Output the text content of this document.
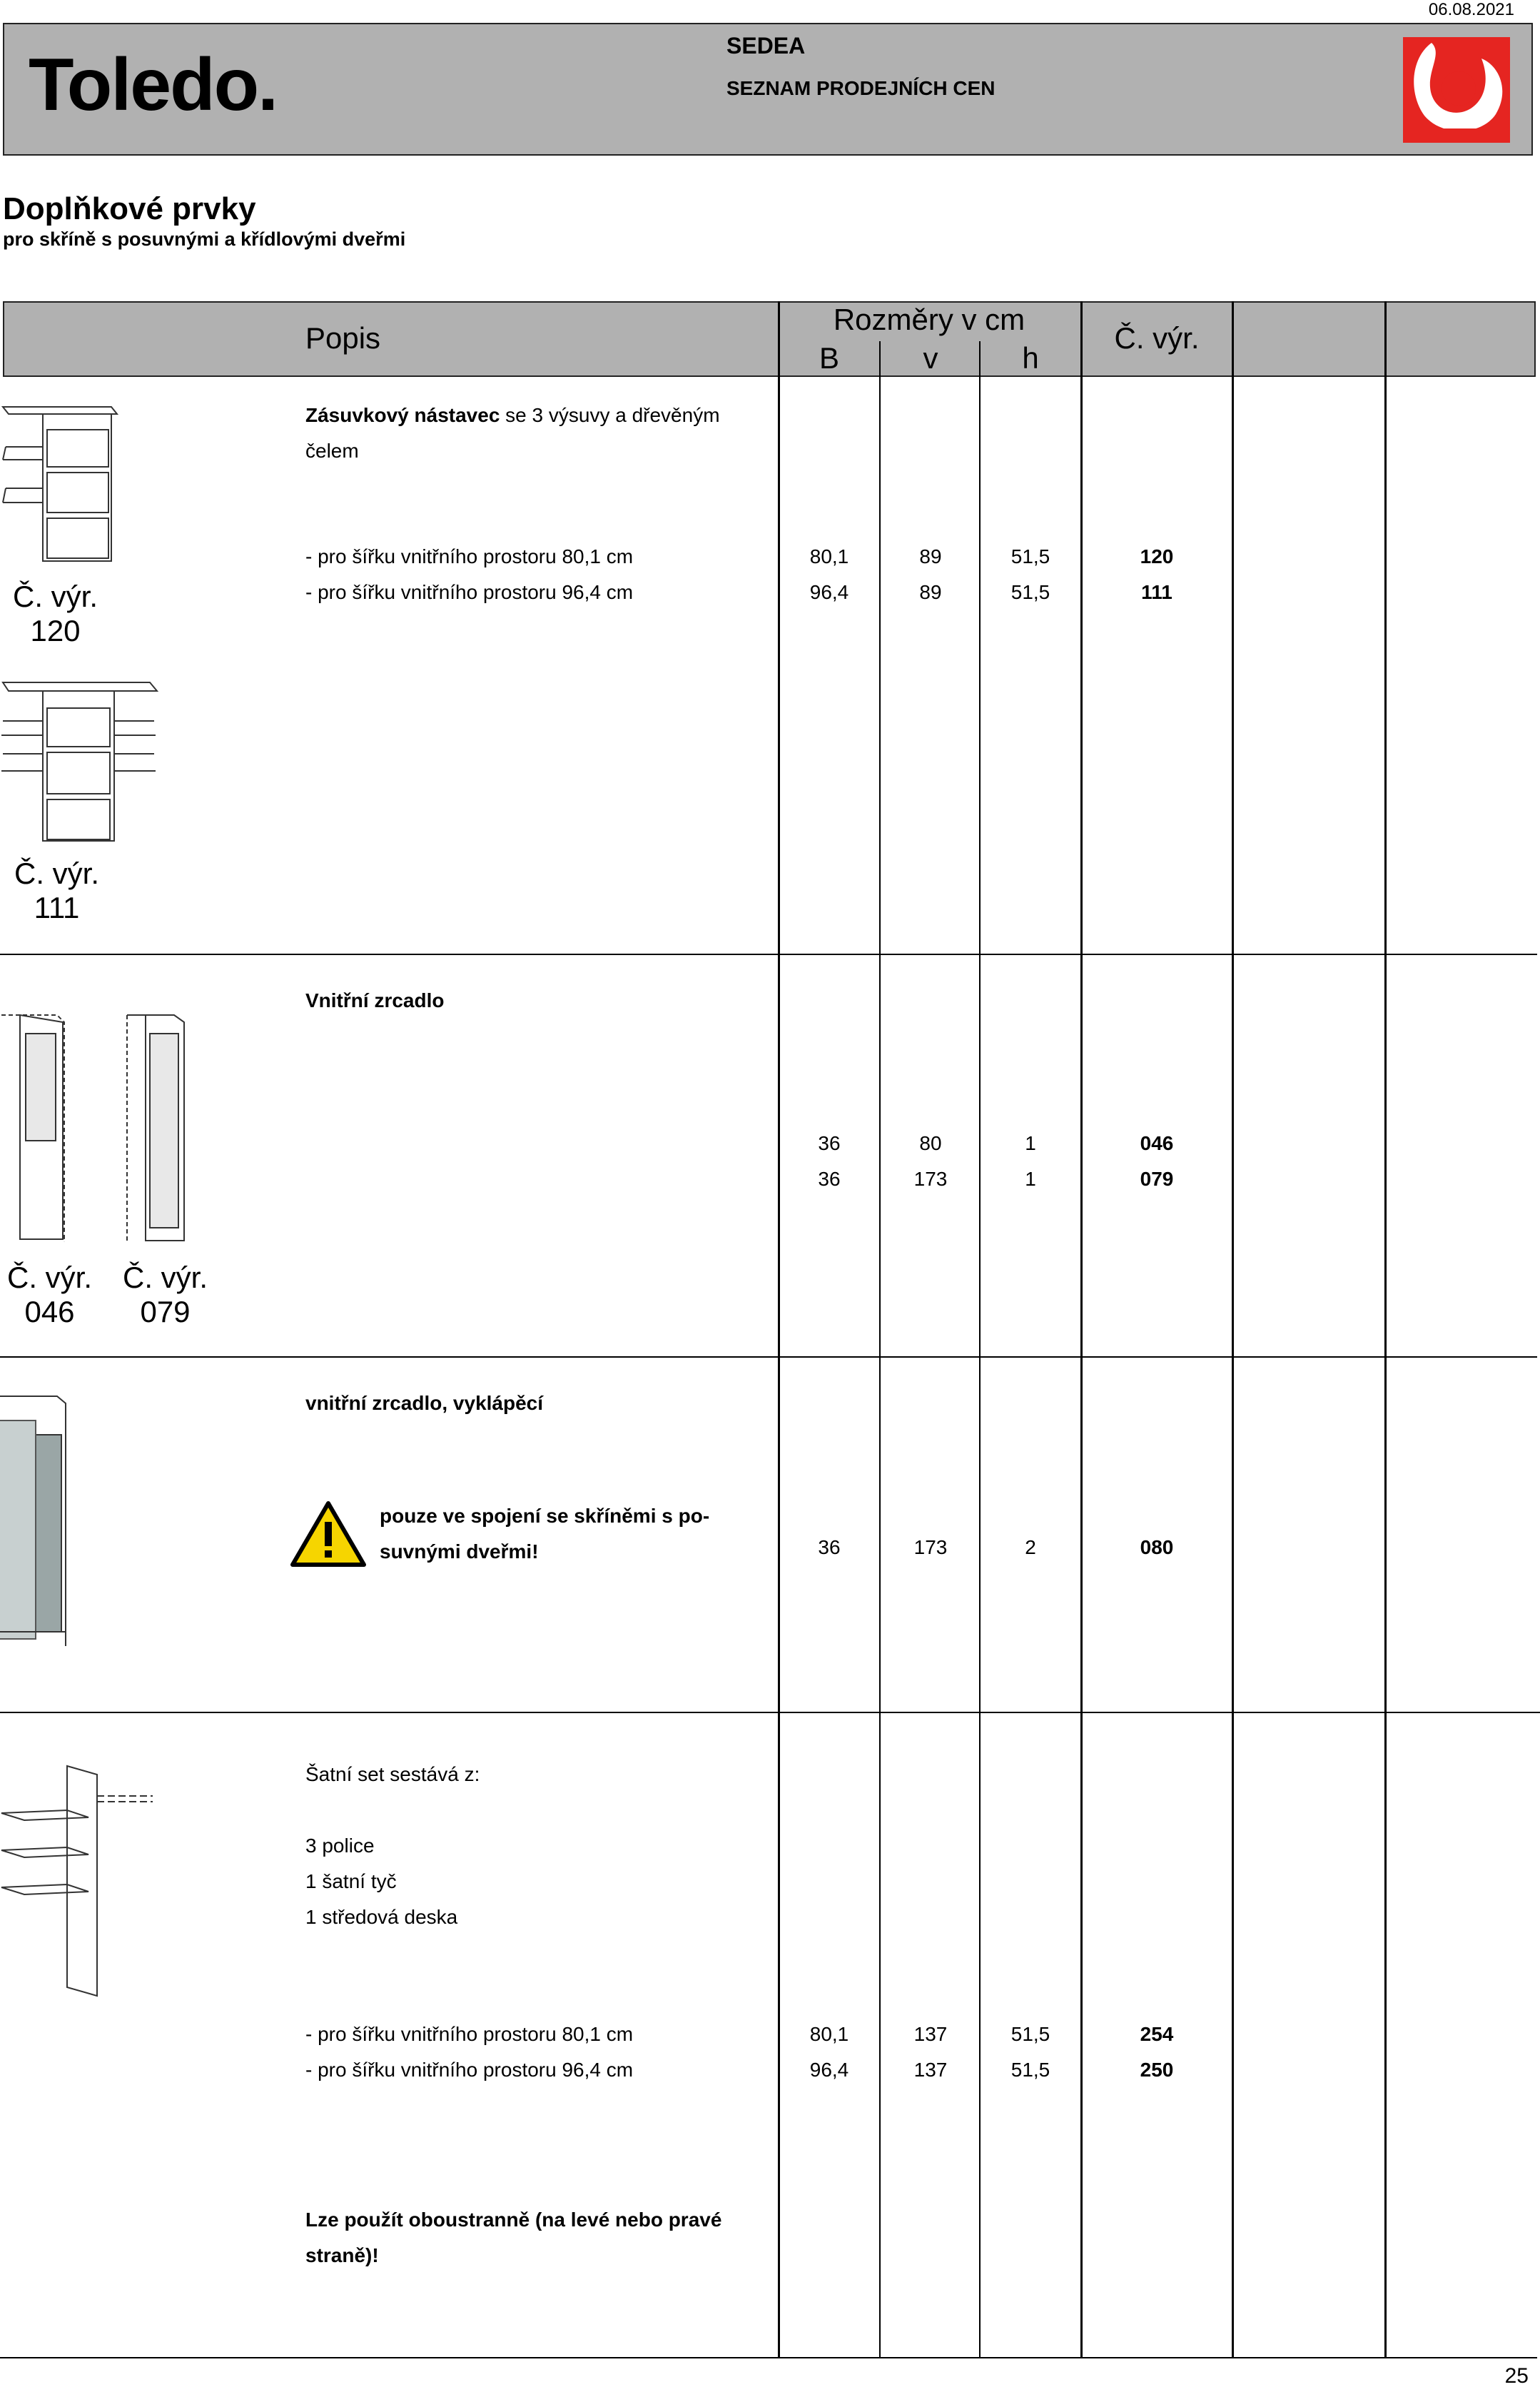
06.08.2021
Toledo.	SEDEA
SEZNAM PRODEJNÍCH CEN
Doplňkové prvky
pro skříně s posuvnými a křídlovými dveřmi
Popis
Rozměry v cm
B	v	h
Č. výr.
Č. výr.
120
Č. výr.
111
Zásuvkový nástavec se 3 výsuvy a dřevěným
čelem
- pro šířku vnitřního prostoru 80,1 cm	80,1	89	51,5	120
- pro šířku vnitřního prostoru 96,4 cm	96,4	89	51,5	111
Č. výr.
046
Č. výr.
079
Vnitřní zrcadlo
36	80	1	046
36	173	1	079
vnitřní zrcadlo, vyklápěcí
pouze ve spojení se skříněmi s po-
suvnými dveřmi!	36	173	2	080
Šatní set sestává z:
3 police
1 šatní tyč
1 středová deska
- pro šířku vnitřního prostoru 80,1 cm	80,1	137	51,5	254
- pro šířku vnitřního prostoru 96,4 cm	96,4	137	51,5	250
Lze použít oboustranně (na levé nebo pravé
straně)!
25
